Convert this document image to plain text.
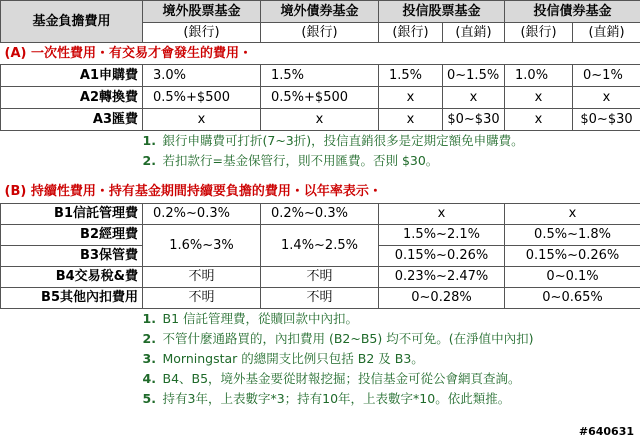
基金負擔費用	境外股票基金	境外債券基金	投信股票基金		投信債券基金	
	(銀行)	(銀行)	(銀行)	(直銷)	(銀行)	(直銷)
(A) 一次性費用・有交易才會發生的費用・						
A1申購費	3.0%	1.5%	1.5%	0~1.5%	1.0%	0~1%
A2轉換費	0.5%+$500	0.5%+$500	x	x	x	x
A3匯費	x	x	x	$0~$30	x	$0~$30
	1. 銀行申購費可打折(7~3折)，投信直銷很多是定期定額免申購費。					
	2. 若扣款行=基金保管行，則不用匯費。否則 $30。					

(B) 持續性費用・持有基金期間持續要負擔的費用・以年率表示・						
B1信託管理費	0.2%~0.3%	0.2%~0.3%	x		x	
B2經理費	1.6%~3%	1.4%~2.5%	1.5%~2.1%		0.5%~1.8%	
B3保管費			0.15%~0.26%		0.15%~0.26%	
B4交易稅&費	不明	不明	0.23%~2.47%		0~0.1%	
B5其他內扣費用	不明	不明	0~0.28%		0~0.65%	
	1. B1 信託管理費，從贖回款中內扣。					
	2. 不管什麼通路買的，內扣費用 (B2~B5) 均不可免。(在淨值中內扣)					
	3. Morningstar 的總開支比例只包括 B2 及 B3。					
	4. B4、B5，境外基金要從財報挖掘；投信基金可從公會網頁查詢。					
	5. 持有3年，上表數字*3；持有10年，上表數字*10。依此類推。					
#640631
